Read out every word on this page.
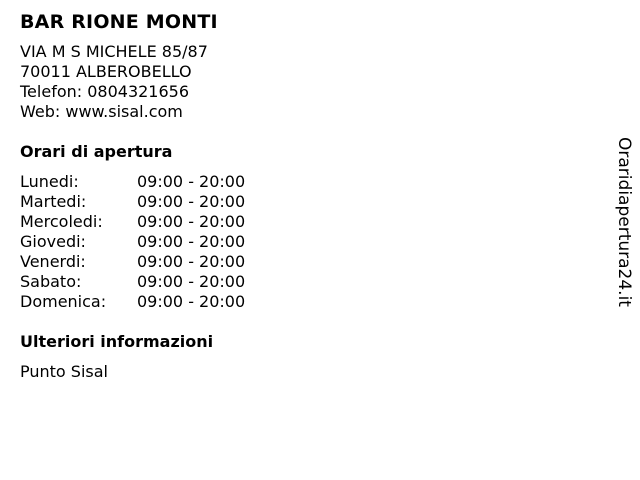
BAR RIONE MONTI
VIA M S MICHELE 85/87
70011 ALBEROBELLO
Telefon: 0804321656
Web: www.sisal.com
Orari di apertura
Lunedi:	09:00 - 20:00
Martedi:	09:00 - 20:00
Mercoledi:	09:00 - 20:00
Giovedi:	09:00 - 20:00
Venerdi:	09:00 - 20:00
Sabato:	09:00 - 20:00
Domenica:	09:00 - 20:00
Ulteriori informazioni
Punto Sisal
Oraridiapertura24.it
